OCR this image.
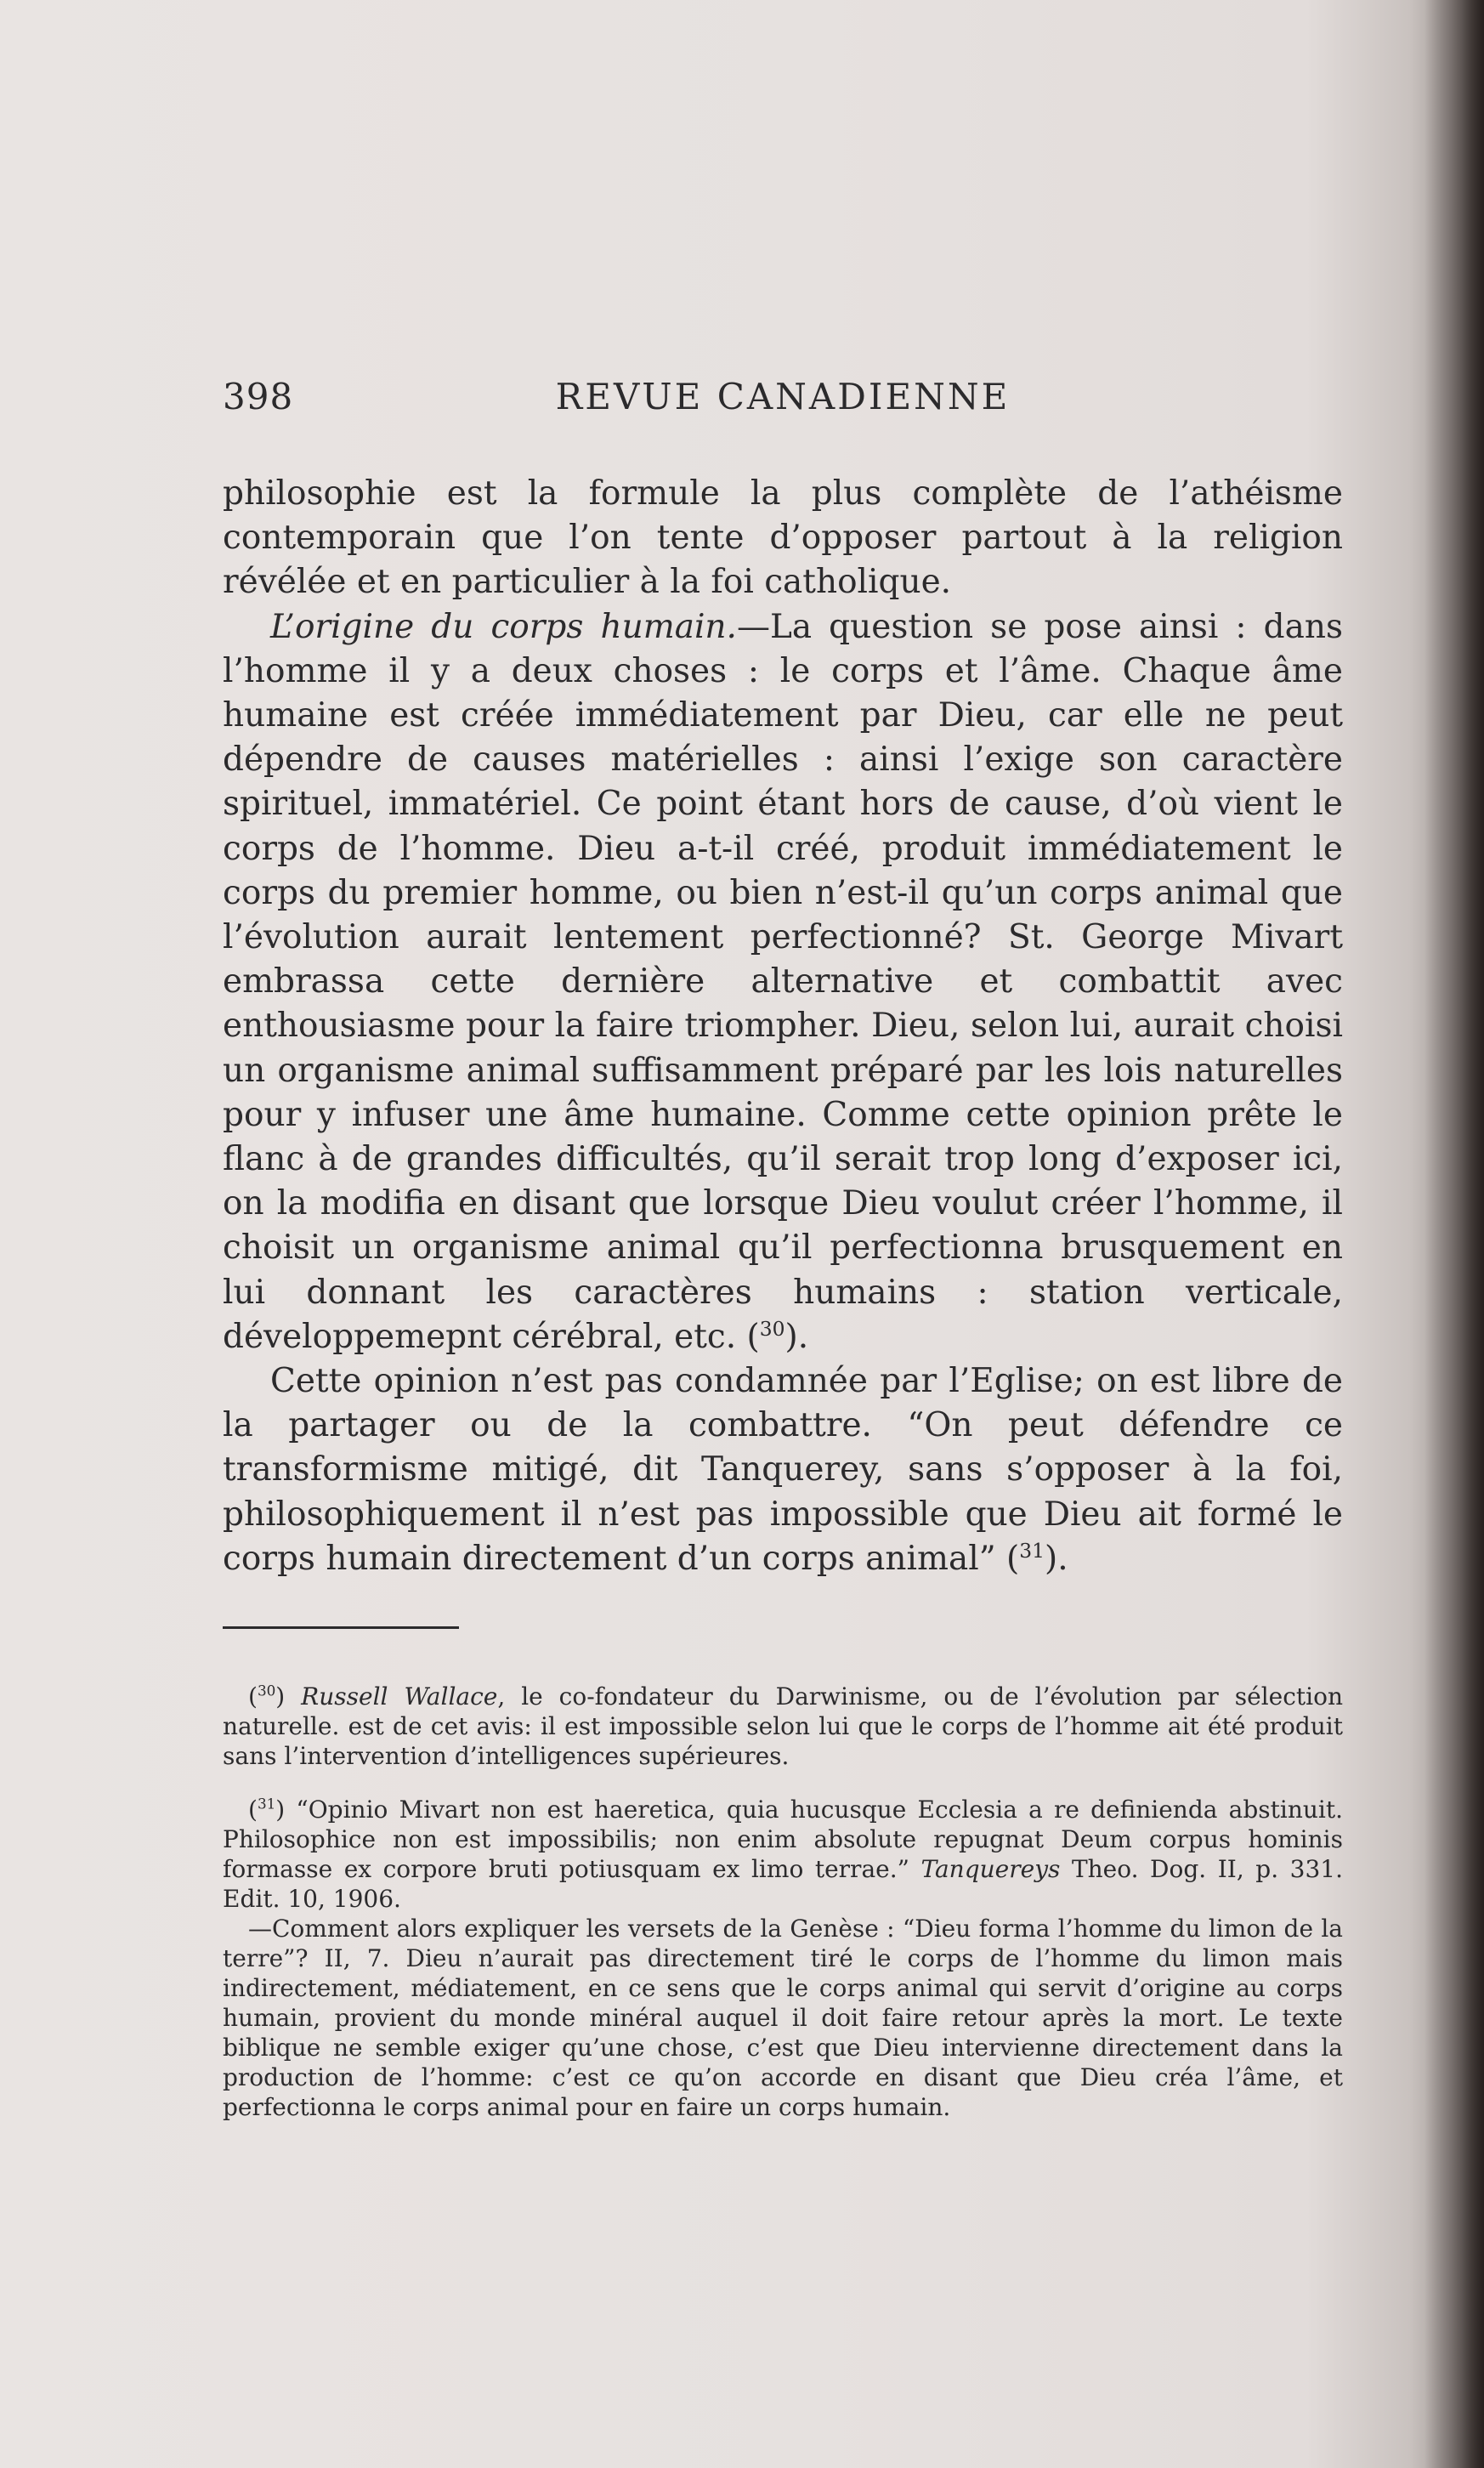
398	REVUE CANADIENNE

philosophie est la formule la plus complète de l’athéisme contemporain que l’on tente d’opposer partout à la religion révélée et en particulier à la foi catholique.

L’origine du corps humain.—La question se pose ainsi : dans l’homme il y a deux choses : le corps et l’âme. Chaque âme humaine est créée immédiatement par Dieu, car elle ne peut dépendre de causes matérielles : ainsi l’exige son caractère spirituel, immatériel. Ce point étant hors de cause, d’où vient le corps de l’homme. Dieu a-t-il créé, produit immédiatement le corps du premier homme, ou bien n’est-il qu’un corps animal que l’évolution aurait lentement perfectionné? St. George Mivart embrassa cette dernière alternative et combattit avec enthousiasme pour la faire triompher. Dieu, selon lui, aurait choisi un organisme animal suffisamment préparé par les lois naturelles pour y infuser une âme humaine. Comme cette opinion prête le flanc à de grandes difficultés, qu’il serait trop long d’exposer ici, on la modifia en disant que lorsque Dieu voulut créer l’homme, il choisit un organisme animal qu’il perfectionna brusquement en lui donnant les caractères humains : station verticale, développemepnt cérébral, etc. ($^{30}$).

Cette opinion n’est pas condamnée par l’Eglise; on est libre de la partager ou de la combattre. “On peut défendre ce transformisme mitigé, dit Tanquerey, sans s’opposer à la foi, philosophiquement il n’est pas impossible que Dieu ait formé le corps humain directement d’un corps animal” ($^{31}$).

($^{30}$) Russell Wallace, le co-fondateur du Darwinisme, ou de l’évolution par sélection naturelle. est de cet avis: il est impossible selon lui que le corps de l’homme ait été produit sans l’intervention d’intelligences supérieures.

($^{31}$) “Opinio Mivart non est haeretica, quia hucusque Ecclesia a re definienda abstinuit. Philosophice non est impossibilis; non enim absolute repugnat Deum corpus hominis formasse ex corpore bruti potiusquam ex limo terrae.” Tanquereys Theo. Dog. II, p. 331. Edit. 10, 1906.

—Comment alors expliquer les versets de la Genèse : “Dieu forma l’homme du limon de la terre”? II, 7. Dieu n’aurait pas directement tiré le corps de l’homme du limon mais indirectement, médiatement, en ce sens que le corps animal qui servit d’origine au corps humain, provient du monde minéral auquel il doit faire retour après la mort. Le texte biblique ne semble exiger qu’une chose, c’est que Dieu intervienne directement dans la production de l’homme: c’est ce qu’on accorde en disant que Dieu créa l’âme, et perfectionna le corps animal pour en faire un corps humain.
